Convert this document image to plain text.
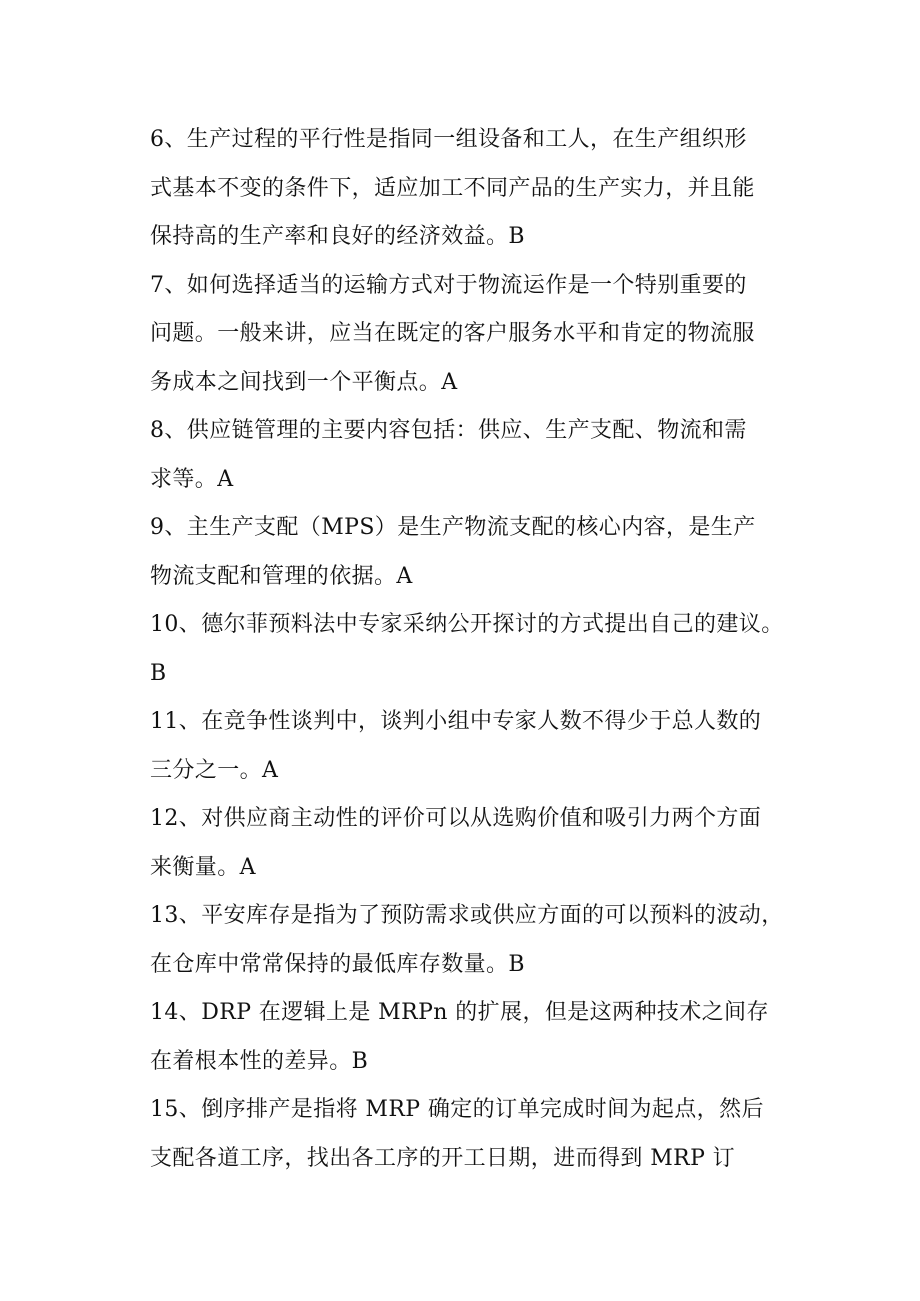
6、生产过程的平行性是指同一组设备和工人，在生产组织形
式基本不变的条件下，适应加工不同产品的生产实力，并且能
保持高的生产率和良好的经济效益。B
7、如何选择适当的运输方式对于物流运作是一个特别重要的
问题。一般来讲，应当在既定的客户服务水平和肯定的物流服
务成本之间找到一个平衡点。A
8、供应链管理的主要内容包括：供应、生产支配、物流和需
求等。A
9、主生产支配（MPS）是生产物流支配的核心内容，是生产
物流支配和管理的依据。A
10、德尔菲预料法中专家采纳公开探讨的方式提出自己的建议。
B
11、在竞争性谈判中，谈判小组中专家人数不得少于总人数的
三分之一。A
12、对供应商主动性的评价可以从选购价值和吸引力两个方面
来衡量。A
13、平安库存是指为了预防需求或供应方面的可以预料的波动，
在仓库中常常保持的最低库存数量。B
14、DRP 在逻辑上是 MRPn 的扩展，但是这两种技术之间存
在着根本性的差异。B
15、倒序排产是指将 MRP 确定的订单完成时间为起点，然后
支配各道工序，找出各工序的开工日期，进而得到 MRP 订
